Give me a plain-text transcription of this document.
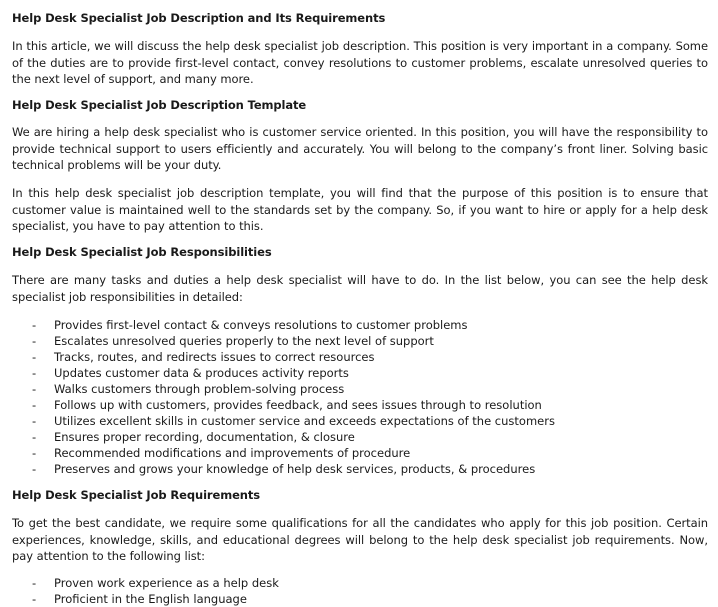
Help Desk Specialist Job Description and Its Requirements

In this article, we will discuss the help desk specialist job description. This position is very important in a company. Some of the duties are to provide first-level contact, convey resolutions to customer problems, escalate unresolved queries to the next level of support, and many more.

Help Desk Specialist Job Description Template

We are hiring a help desk specialist who is customer service oriented. In this position, you will have the responsibility to provide technical support to users efficiently and accurately. You will belong to the company’s front liner. Solving basic technical problems will be your duty.

In this help desk specialist job description template, you will find that the purpose of this position is to ensure that customer value is maintained well to the standards set by the company. So, if you want to hire or apply for a help desk specialist, you have to pay attention to this.

Help Desk Specialist Job Responsibilities

There are many tasks and duties a help desk specialist will have to do. In the list below, you can see the help desk specialist job responsibilities in detailed:

- Provides first-level contact & conveys resolutions to customer problems
- Escalates unresolved queries properly to the next level of support
- Tracks, routes, and redirects issues to correct resources
- Updates customer data & produces activity reports
- Walks customers through problem-solving process
- Follows up with customers, provides feedback, and sees issues through to resolution
- Utilizes excellent skills in customer service and exceeds expectations of the customers
- Ensures proper recording, documentation, & closure
- Recommended modifications and improvements of procedure
- Preserves and grows your knowledge of help desk services, products, & procedures
Help Desk Specialist Job Requirements

To get the best candidate, we require some qualifications for all the candidates who apply for this job position. Certain experiences, knowledge, skills, and educational degrees will belong to the help desk specialist job requirements. Now, pay attention to the following list:

- Proven work experience as a help desk
- Proficient in the English language
